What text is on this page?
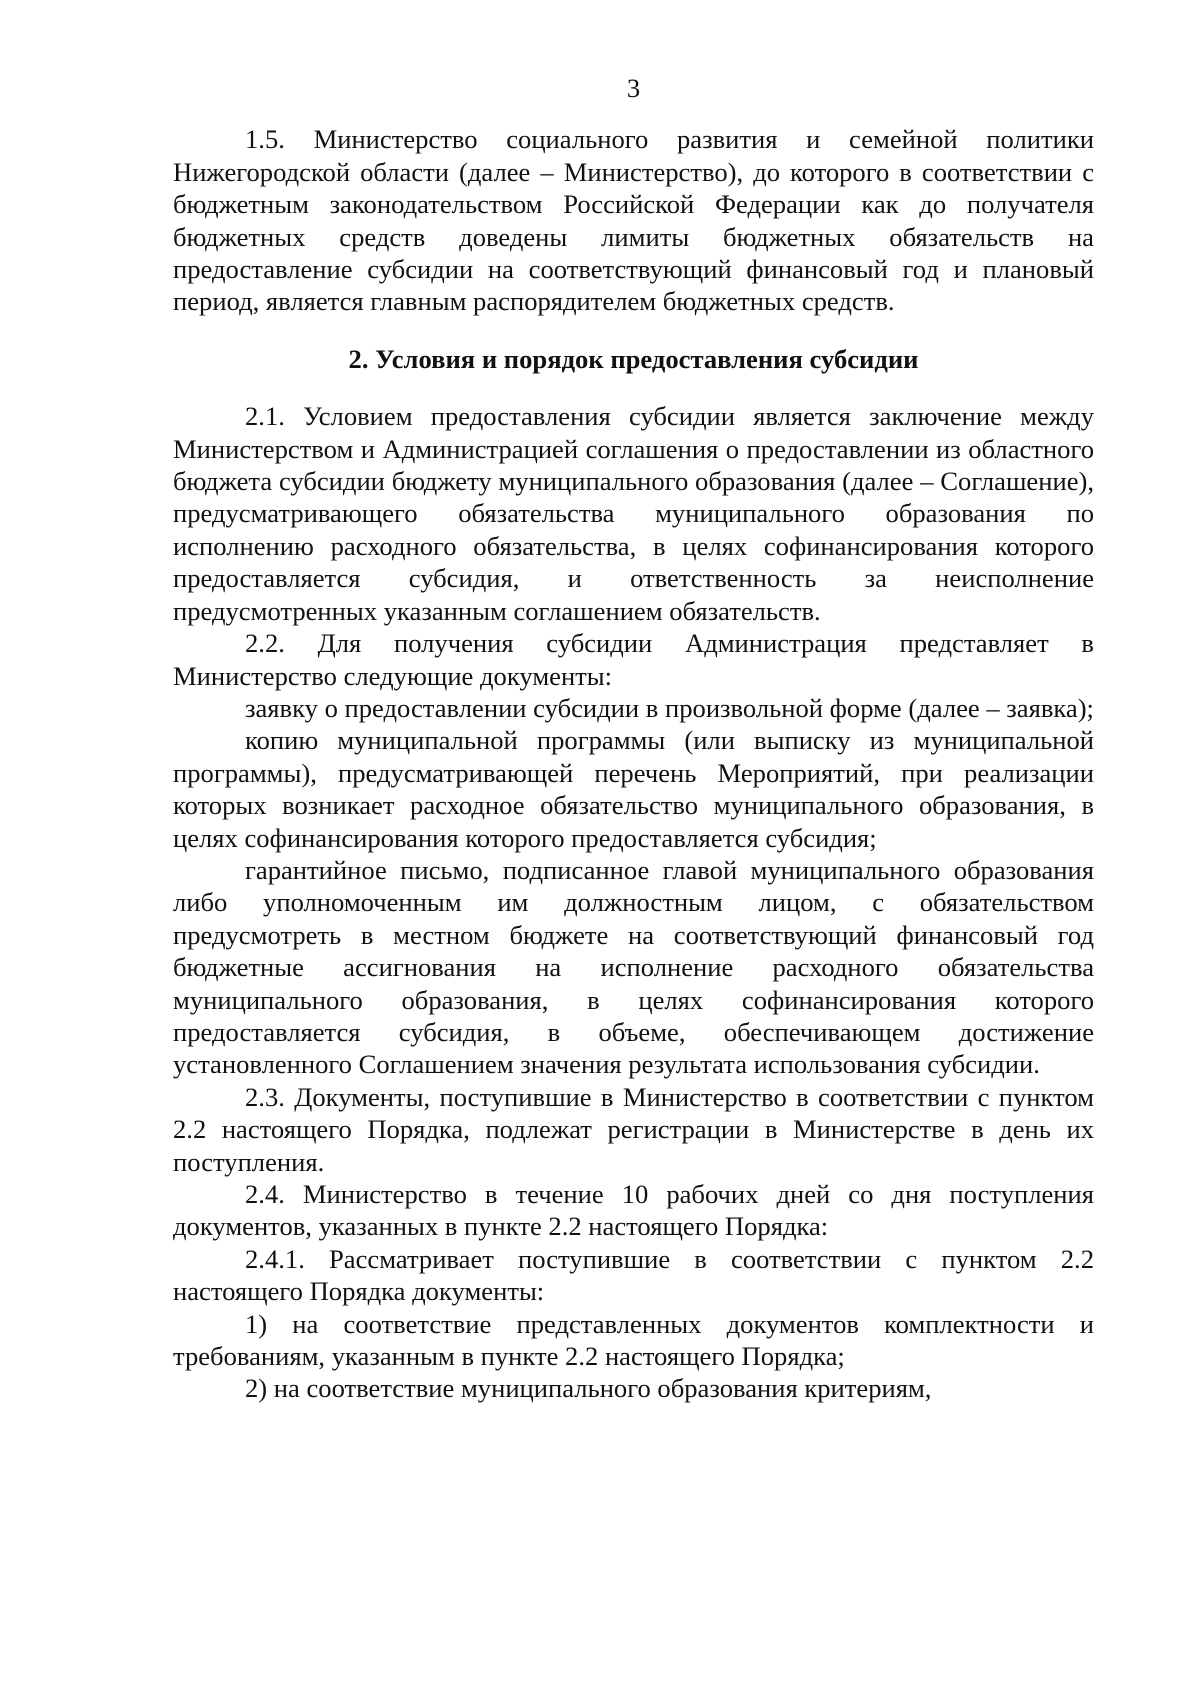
3

1.5. Министерство социального развития и семейной политики Нижегородской области (далее – Министерство), до которого в соответствии с бюджетным законодательством Российской Федерации как до получателя бюджетных средств доведены лимиты бюджетных обязательств на предоставление субсидии на соответствующий финансовый год и плановый период, является главным распорядителем бюджетных средств.

2. Условия и порядок предоставления субсидии

2.1. Условием предоставления субсидии является заключение между Министерством и Администрацией соглашения о предоставлении из областного бюджета субсидии бюджету муниципального образования (далее – Соглашение), предусматривающего обязательства муниципального образования по исполнению расходного обязательства, в целях софинансирования которого предоставляется субсидия, и ответственность за неисполнение предусмотренных указанным соглашением обязательств.

2.2. Для получения субсидии Администрация представляет в Министерство следующие документы:

заявку о предоставлении субсидии в произвольной форме (далее – заявка);

копию муниципальной программы (или выписку из муниципальной программы), предусматривающей перечень Мероприятий, при реализации которых возникает расходное обязательство муниципального образования, в целях софинансирования которого предоставляется субсидия;

гарантийное письмо, подписанное главой муниципального образования либо уполномоченным им должностным лицом, с обязательством предусмотреть в местном бюджете на соответствующий финансовый год бюджетные ассигнования на исполнение расходного обязательства муниципального образования, в целях софинансирования которого предоставляется субсидия, в объеме, обеспечивающем достижение установленного Соглашением значения результата использования субсидии.

2.3. Документы, поступившие в Министерство в соответствии с пунктом 2.2 настоящего Порядка, подлежат регистрации в Министерстве в день их поступления.

2.4. Министерство в течение 10 рабочих дней со дня поступления документов, указанных в пункте 2.2 настоящего Порядка:

2.4.1. Рассматривает поступившие в соответствии с пунктом 2.2 настоящего Порядка документы:

1) на соответствие представленных документов комплектности и требованиям, указанным в пункте 2.2 настоящего Порядка;

2) на соответствие муниципального образования критериям,
